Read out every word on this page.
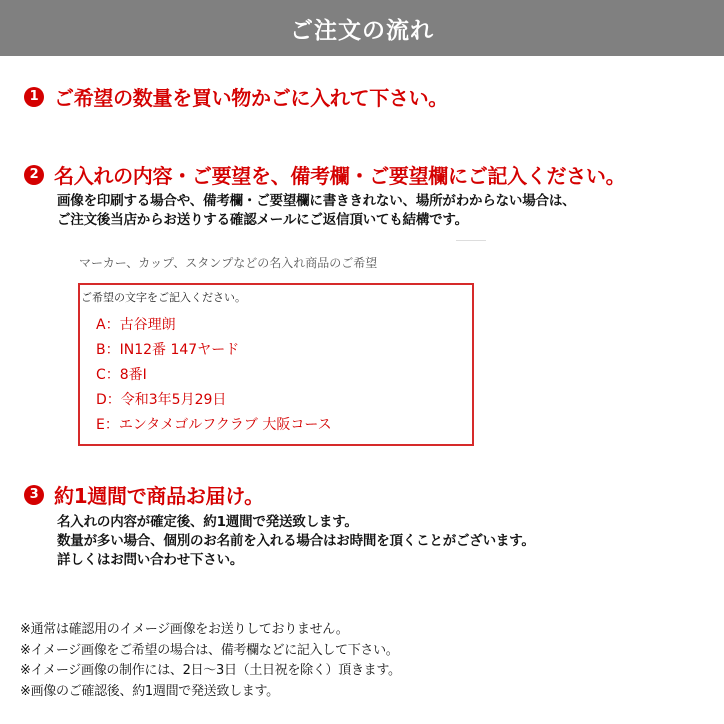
ご注文の流れ
1 ご希望の数量を買い物かごに入れて下さい。
2 名入れの内容・ご要望を、備考欄・ご要望欄にご記入ください。
画像を印刷する場合や、備考欄・ご要望欄に書ききれない、場所がわからない場合は、
ご注文後当店からお送りする確認メールにご返信頂いても結構です。
マーカー、カップ、スタンプなどの名入れ商品のご希望
ご希望の文字をご記入ください。
A：古谷理朗
B：IN12番 147ヤード
C：8番I
D：令和3年5月29日
E：エンタメゴルフクラブ 大阪コース
3 約1週間で商品お届け。
名入れの内容が確定後、約1週間で発送致します。
数量が多い場合、個別のお名前を入れる場合はお時間を頂くことがございます。
詳しくはお問い合わせ下さい。
※通常は確認用のイメージ画像をお送りしておりません。
※イメージ画像をご希望の場合は、備考欄などに記入して下さい。
※イメージ画像の制作には、2日～3日（土日祝を除く）頂きます。
※画像のご確認後、約1週間で発送致します。
